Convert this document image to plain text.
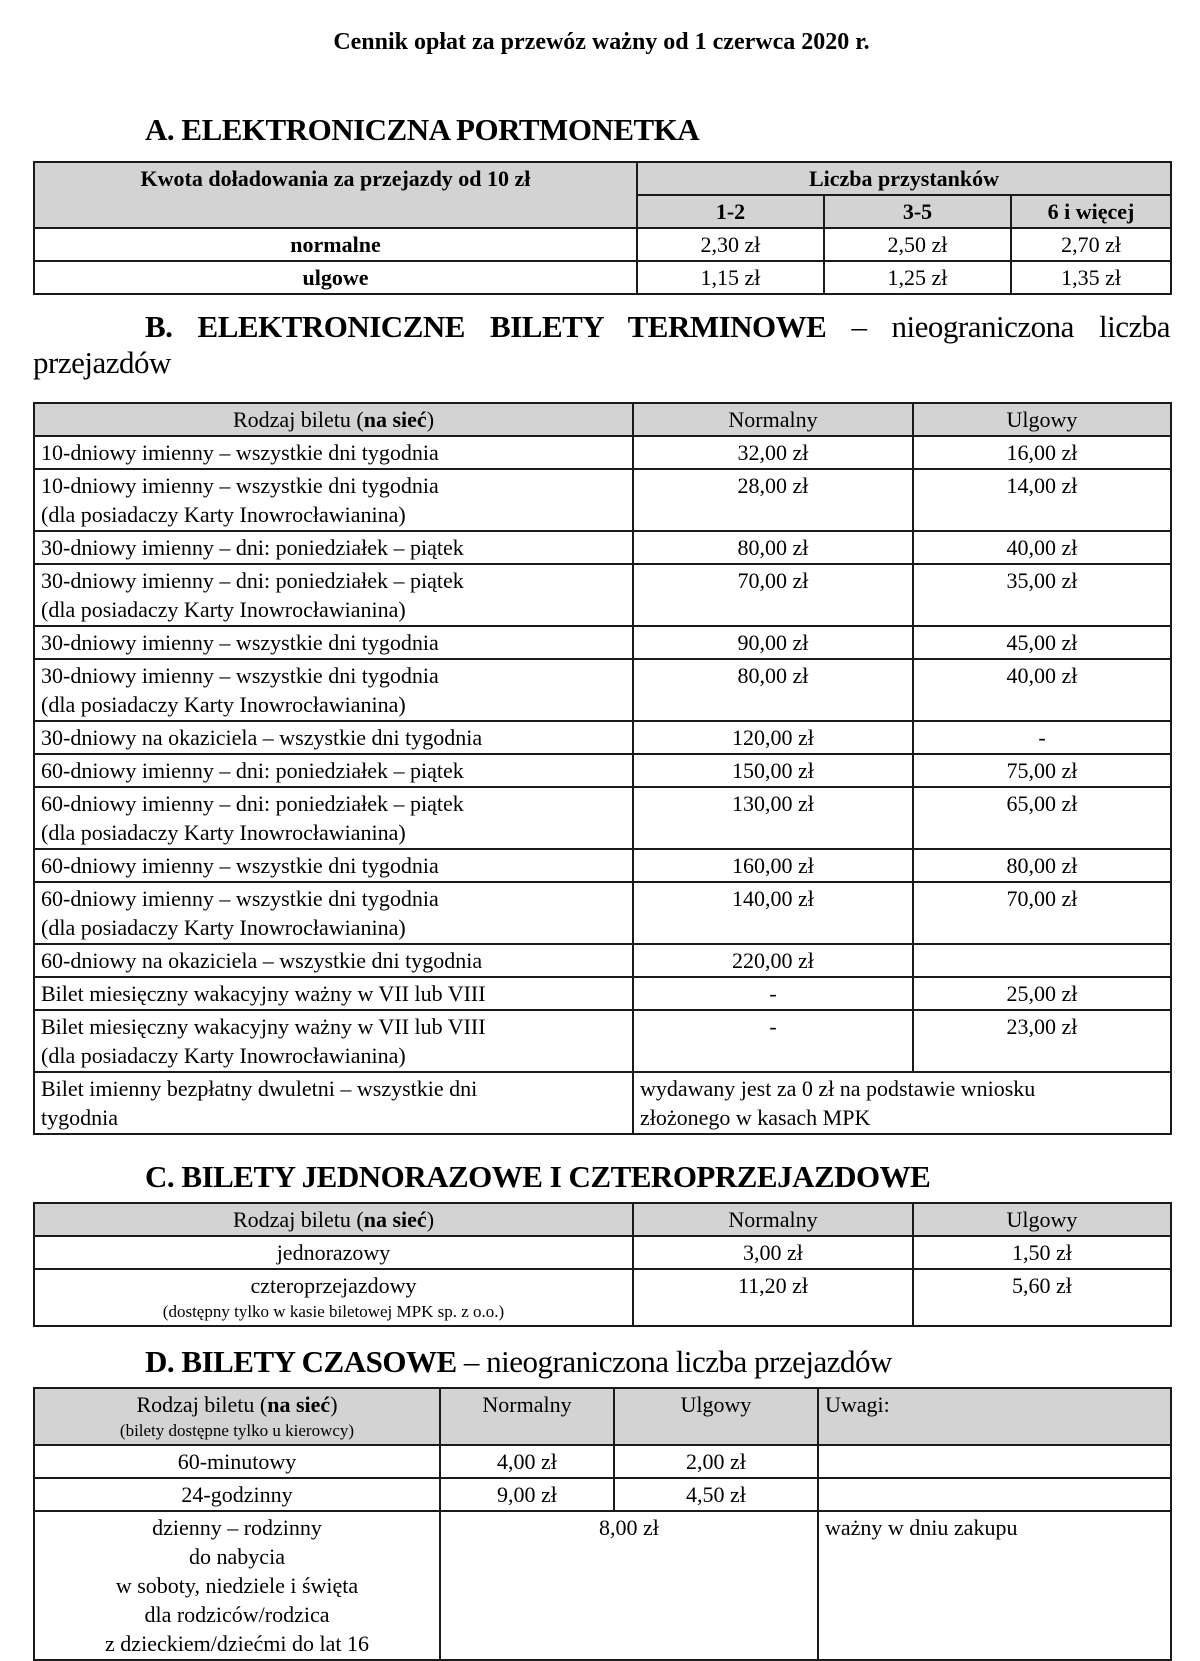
Cennik opłat za przewóz ważny od 1 czerwca 2020 r.
A. ELEKTRONICZNA PORTMONETKA
Kwota doładowania za przejazdy od 10 zł	Liczba przystanków		
	1-2	3-5	6 i więcej
normalne	2,30 zł	2,50 zł	2,70 zł
ulgowe	1,15 zł	1,25 zł	1,35 zł
B. ELEKTRONICZNE BILETY TERMINOWE – nieograniczona liczba
przejazdów
Rodzaj biletu (na sieć)	Normalny	Ulgowy
10-dniowy imienny – wszystkie dni tygodnia	32,00 zł	16,00 zł

10-dniowy imienny – wszystkie dni tygodnia
(dla posiadaczy Karty Inowrocławianina)	28,00 zł	14,00 zł
30-dniowy imienny – dni: poniedziałek – piątek	80,00 zł	40,00 zł

30-dniowy imienny – dni: poniedziałek – piątek
(dla posiadaczy Karty Inowrocławianina)	70,00 zł	35,00 zł
30-dniowy imienny – wszystkie dni tygodnia	90,00 zł	45,00 zł

30-dniowy imienny – wszystkie dni tygodnia
(dla posiadaczy Karty Inowrocławianina)	80,00 zł	40,00 zł
30-dniowy na okaziciela – wszystkie dni tygodnia	120,00 zł	-
60-dniowy imienny – dni: poniedziałek – piątek	150,00 zł	75,00 zł

60-dniowy imienny – dni: poniedziałek – piątek
(dla posiadaczy Karty Inowrocławianina)	130,00 zł	65,00 zł
60-dniowy imienny – wszystkie dni tygodnia	160,00 zł	80,00 zł

60-dniowy imienny – wszystkie dni tygodnia
(dla posiadaczy Karty Inowrocławianina)	140,00 zł	70,00 zł
60-dniowy na okaziciela – wszystkie dni tygodnia	220,00 zł	
Bilet miesięczny wakacyjny ważny w VII lub VIII	-	25,00 zł

Bilet miesięczny wakacyjny ważny w VII lub VIII
(dla posiadaczy Karty Inowrocławianina)	-	23,00 zł

Bilet imienny bezpłatny dwuletni – wszystkie dni
tygodnia

wydawany jest za 0 zł na podstawie wniosku
złożonego w kasach MPK
C. BILETY JEDNORAZOWE I CZTEROPRZEJAZDOWE
Rodzaj biletu (na sieć)	Normalny	Ulgowy
jednorazowy	3,00 zł	1,50 zł

czteroprzejazdowy
(dostępny tylko w kasie biletowej MPK sp. z o.o.)	11,20 zł	5,60 zł
D. BILETY CZASOWE – nieograniczona liczba przejazdów
Rodzaj biletu (na sieć)
(bilety dostępne tylko u kierowcy)	Normalny	Ulgowy	Uwagi:
60-minutowy	4,00 zł	2,00 zł	
24-godzinny	9,00 zł	4,50 zł	

dzienny – rodzinny
do nabycia
w soboty, niedziele i święta
dla rodziców/rodzica
z dzieckiem/dziećmi do lat 16	8,00 zł		ważny w dniu zakupu
